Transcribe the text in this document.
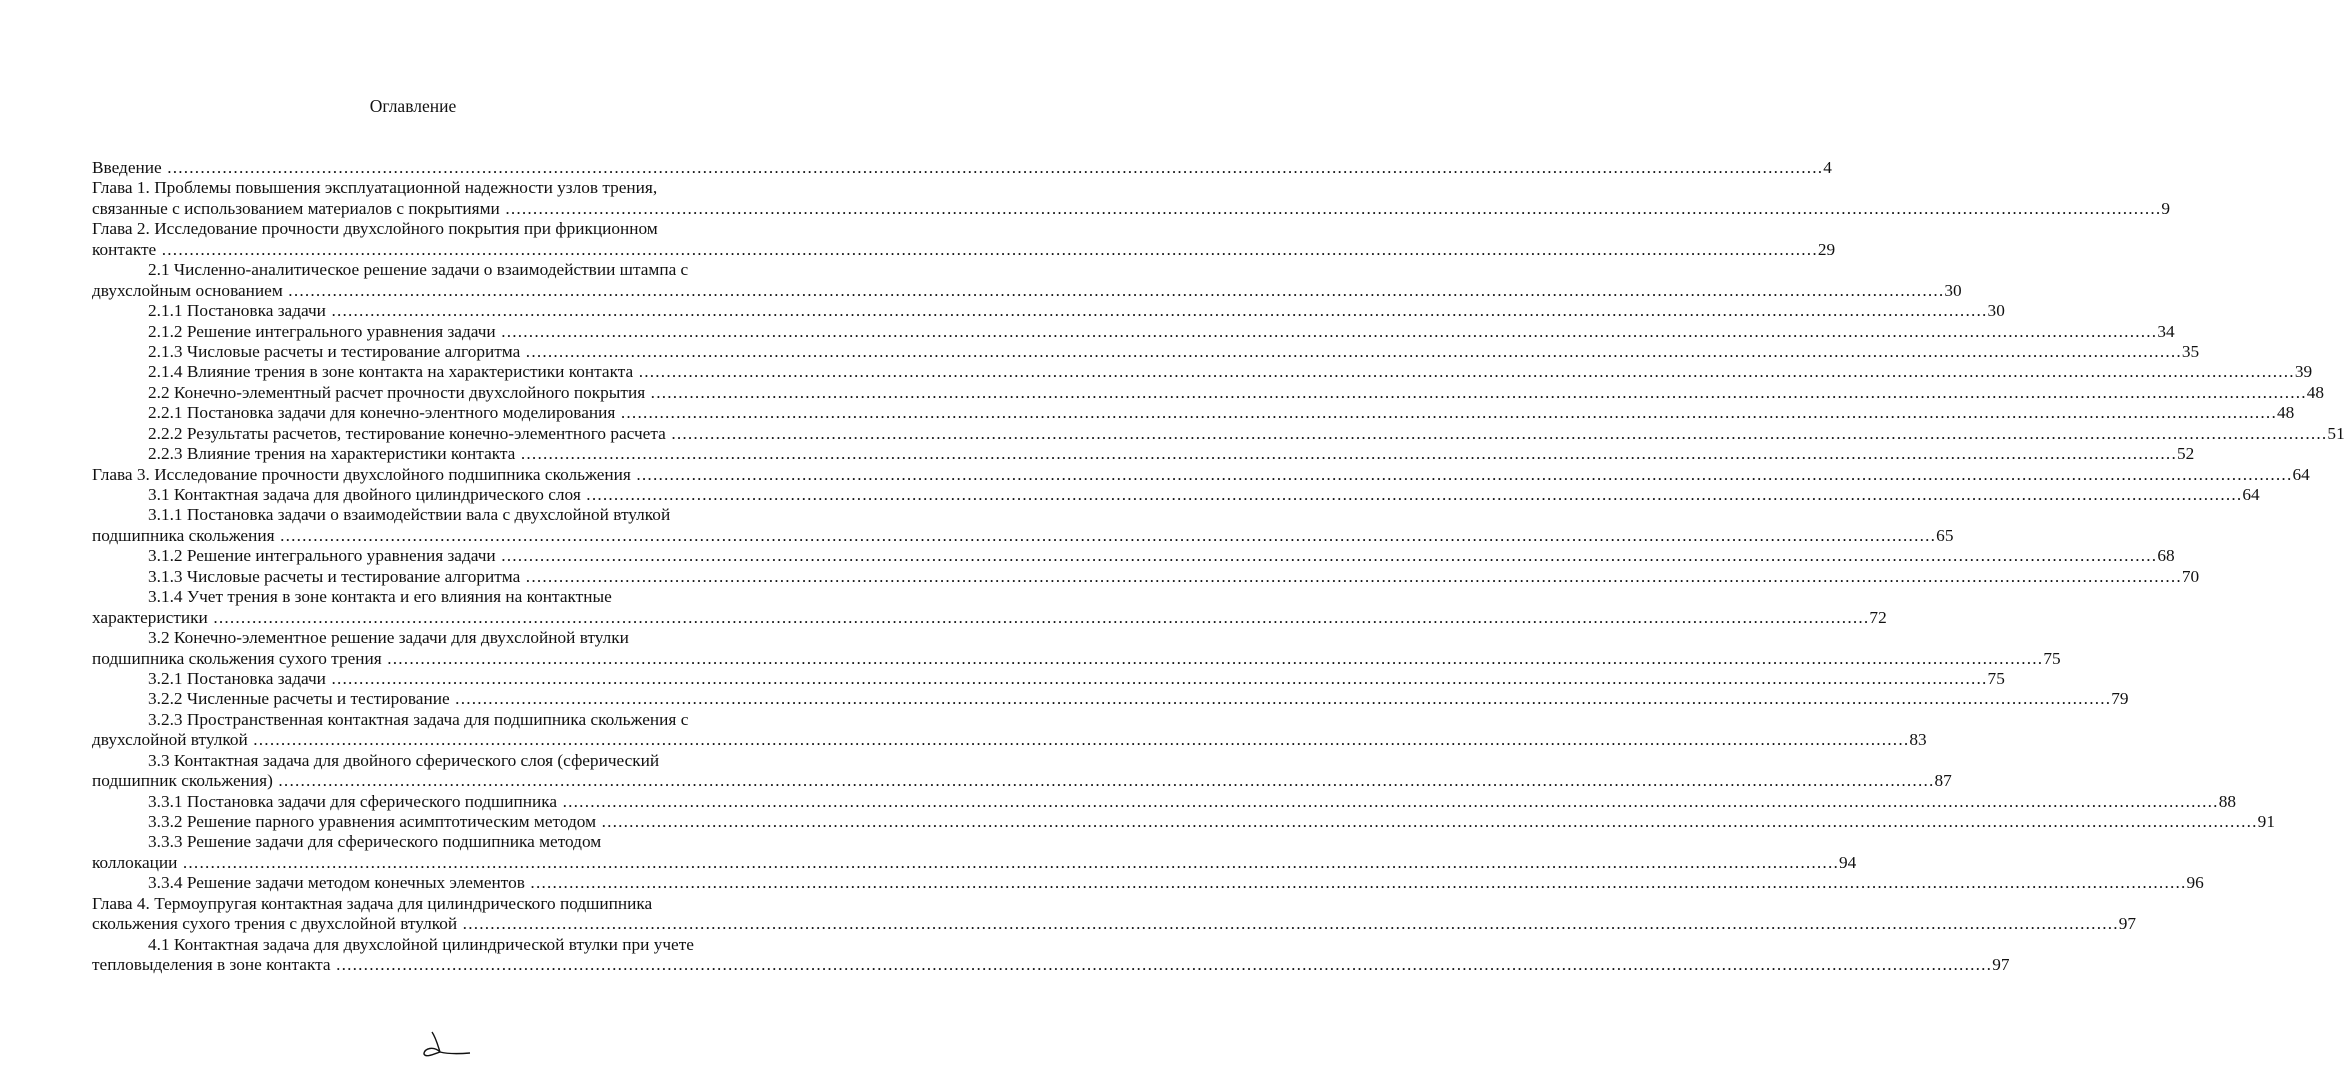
Оглавление
Введение ............................................................................................................................................................................................................................................................................................................ 4
Глава 1. Проблемы повышения эксплуатационной надежности узлов трения,
связанные с использованием материалов с покрытиями ............................................................................................................................................................................................................................................................................................................ 9
Глава 2. Исследование прочности двухслойного покрытия при фрикционном
контакте ............................................................................................................................................................................................................................................................................................................ 29
2.1 Численно-аналитическое решение задачи о взаимодействии штампа с
двухслойным основанием ............................................................................................................................................................................................................................................................................................................ 30
2.1.1 Постановка задачи ............................................................................................................................................................................................................................................................................................................ 30
2.1.2 Решение интегрального уравнения задачи ............................................................................................................................................................................................................................................................................................................ 34
2.1.3 Числовые расчеты и тестирование алгоритма ............................................................................................................................................................................................................................................................................................................ 35
2.1.4 Влияние трения в зоне контакта на характеристики контакта ............................................................................................................................................................................................................................................................................................................ 39
2.2 Конечно-элементный расчет прочности двухслойного покрытия ............................................................................................................................................................................................................................................................................................................ 48
2.2.1 Постановка задачи для конечно-элентного моделирования ............................................................................................................................................................................................................................................................................................................ 48
2.2.2 Результаты расчетов, тестирование конечно-элементного расчета ............................................................................................................................................................................................................................................................................................................ 51
2.2.3 Влияние трения на характеристики контакта ............................................................................................................................................................................................................................................................................................................ 52
Глава 3. Исследование прочности двухслойного подшипника скольжения ............................................................................................................................................................................................................................................................................................................ 64
3.1 Контактная задача для двойного цилиндрического слоя ............................................................................................................................................................................................................................................................................................................ 64
3.1.1 Постановка задачи о взаимодействии вала с двухслойной втулкой
подшипника скольжения ............................................................................................................................................................................................................................................................................................................ 65
3.1.2 Решение интегрального уравнения задачи ............................................................................................................................................................................................................................................................................................................ 68
3.1.3 Числовые расчеты и тестирование алгоритма ............................................................................................................................................................................................................................................................................................................ 70
3.1.4 Учет трения в зоне контакта и его влияния на контактные
характеристики ............................................................................................................................................................................................................................................................................................................ 72
3.2 Конечно-элементное решение задачи для двухслойной втулки
подшипника скольжения сухого трения ............................................................................................................................................................................................................................................................................................................ 75
3.2.1 Постановка задачи ............................................................................................................................................................................................................................................................................................................ 75
3.2.2 Численные расчеты и тестирование ............................................................................................................................................................................................................................................................................................................ 79
3.2.3 Пространственная контактная задача для подшипника скольжения с
двухслойной втулкой ............................................................................................................................................................................................................................................................................................................ 83
3.3 Контактная задача для двойного сферического слоя (сферический
подшипник скольжения) ............................................................................................................................................................................................................................................................................................................ 87
3.3.1 Постановка задачи для сферического подшипника ............................................................................................................................................................................................................................................................................................................ 88
3.3.2 Решение парного уравнения асимптотическим методом ............................................................................................................................................................................................................................................................................................................ 91
3.3.3 Решение задачи для сферического подшипника методом
коллокации ............................................................................................................................................................................................................................................................................................................ 94
3.3.4 Решение задачи методом конечных элементов ............................................................................................................................................................................................................................................................................................................ 96
Глава 4. Термоупругая контактная задача для цилиндрического подшипника
скольжения сухого трения с двухслойной втулкой ............................................................................................................................................................................................................................................................................................................ 97
4.1 Контактная задача для двухслойной цилиндрической втулки при учете
тепловыделения в зоне контакта ............................................................................................................................................................................................................................................................................................................ 97
